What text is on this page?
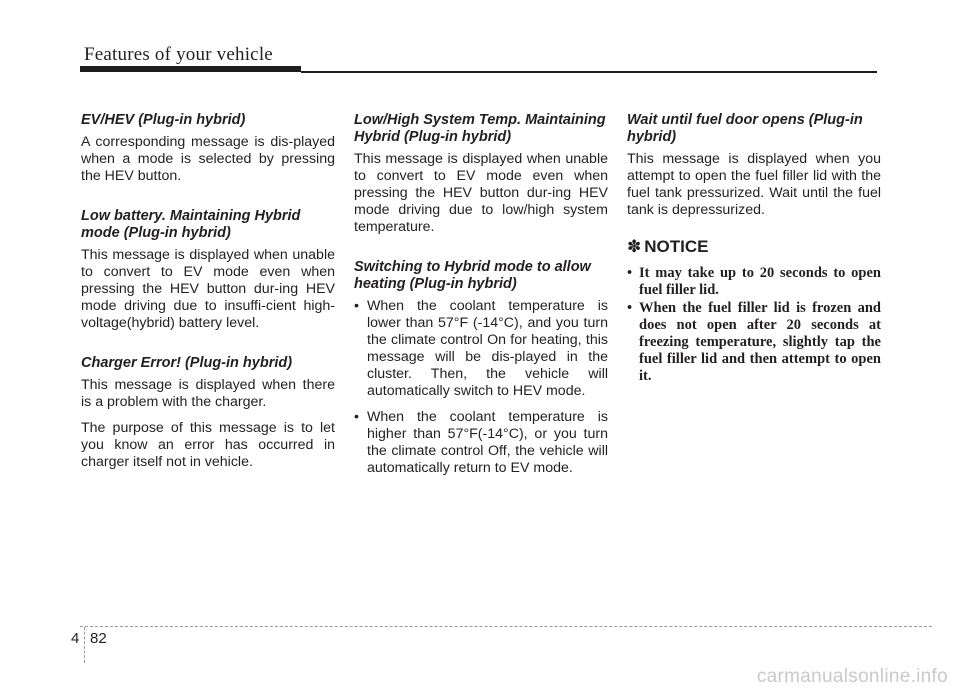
Features of your vehicle
EV/HEV (Plug-in hybrid)
A corresponding message is dis-played when a mode is selected by pressing the HEV button.
Low battery. Maintaining Hybrid mode (Plug-in hybrid)
This message is displayed when unable to convert to EV mode even when pressing the HEV button dur-ing HEV mode driving due to insuffi-cient high-voltage(hybrid) battery level.
Charger Error! (Plug-in hybrid)
This message is displayed when there is a problem with the charger.
The purpose of this message is to let you know an error has occurred in charger itself not in vehicle.
Low/High System Temp. Maintaining Hybrid (Plug-in hybrid)
This message is displayed when unable to convert to EV mode even when pressing the HEV button dur-ing HEV mode driving due to low/high system temperature.
Switching to Hybrid mode to allow heating (Plug-in hybrid)
• When the coolant temperature is lower than 57°F (-14°C), and you turn the climate control On for heating, this message will be dis-played in the cluster. Then, the vehicle will automatically switch to HEV mode.
• When the coolant temperature is higher than 57°F(-14°C), or you turn the climate control Off, the vehicle will automatically return to EV mode.
Wait until fuel door opens (Plug-in hybrid)
This message is displayed when you attempt to open the fuel filler lid with the fuel tank pressurized. Wait until the fuel tank is depressurized.
✽ NOTICE
• It may take up to 20 seconds to open fuel filler lid.
• When the fuel filler lid is frozen and does not open after 20 seconds at freezing temperature, slightly tap the fuel filler lid and then attempt to open it.
4 82
carmanualsonline.info
